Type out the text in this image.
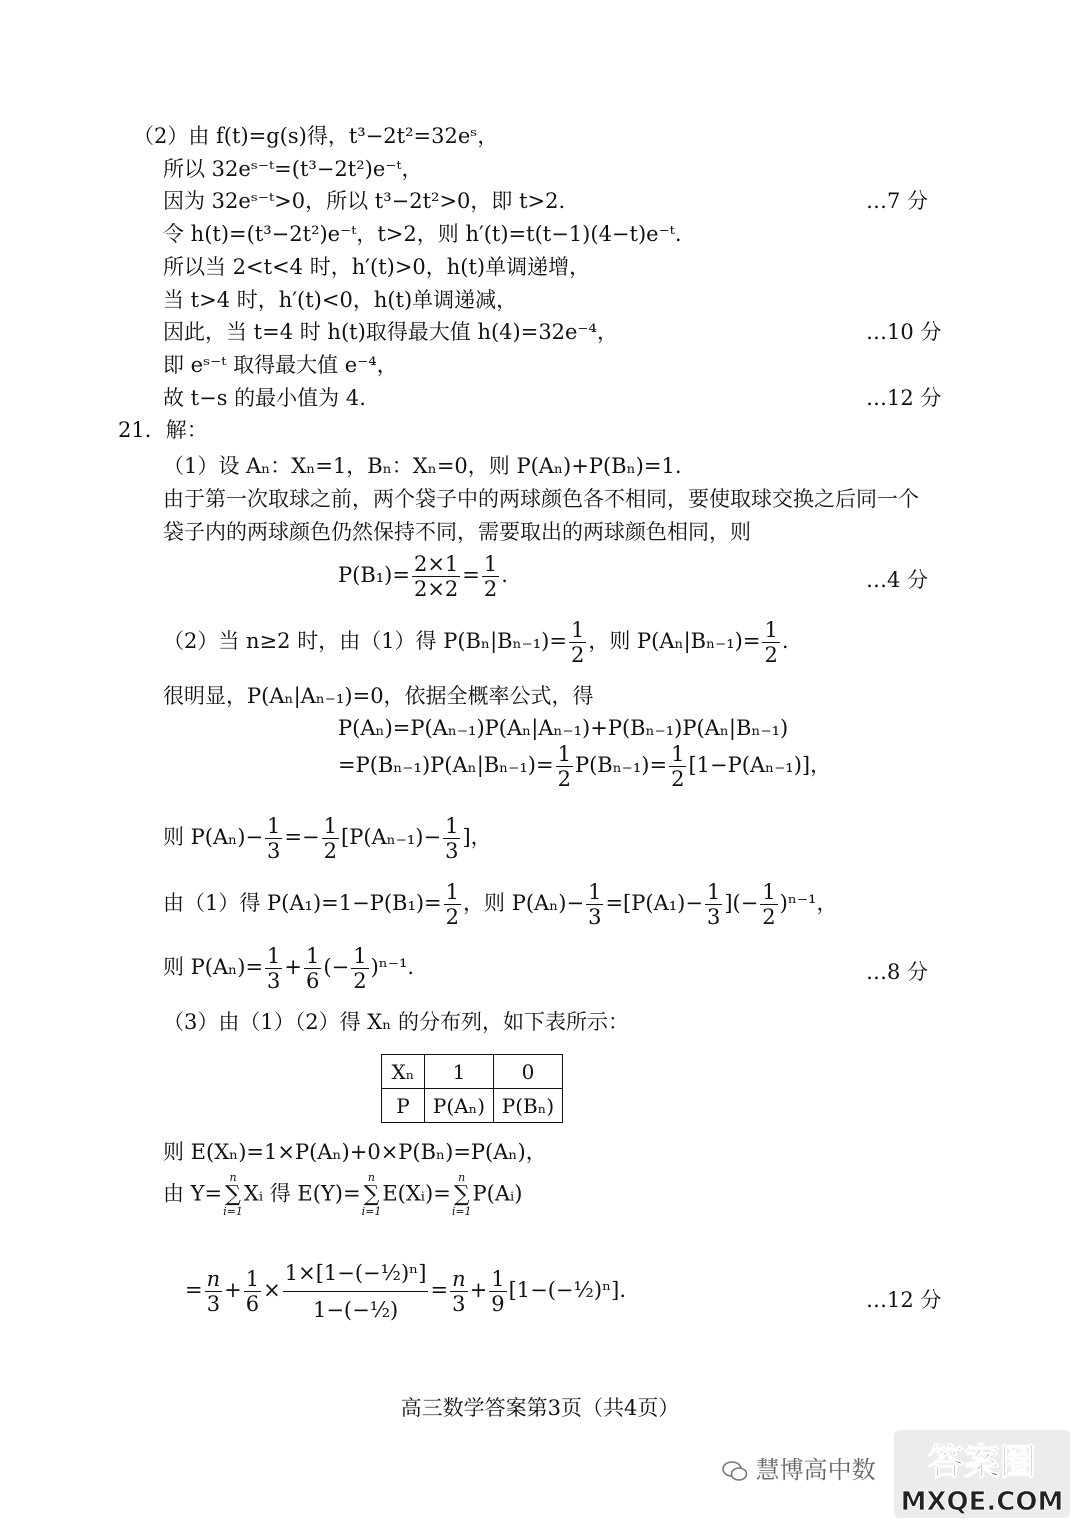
（2）由 f(t)=g(s)得，t³−2t²=32eˢ，
所以 32eˢ⁻ᵗ=(t³−2t²)e⁻ᵗ，
因为 32eˢ⁻ᵗ>0，所以 t³−2t²>0，即 t>2.	…7 分
令 h(t)=(t³−2t²)e⁻ᵗ，t>2，则 h′(t)=t(t−1)(4−t)e⁻ᵗ.
所以当 2<t<4 时，h′(t)>0，h(t)单调递增，
当 t>4 时，h′(t)<0，h(t)单调递减，
因此，当 t=4 时 h(t)取得最大值 h(4)=32e⁻⁴，	…10 分
即 eˢ⁻ᵗ 取得最大值 e⁻⁴，
故 t−s 的最小值为 4.	…12 分
21．解：
（1）设 Aₙ：Xₙ=1，Bₙ：Xₙ=0，则 P(Aₙ)+P(Bₙ)=1.
由于第一次取球之前，两个袋子中的两球颜色各不相同，要使取球交换之后同一个
袋子内的两球颜色仍然保持不同，需要取出的两球颜色相同，则
$P(B_1)= \frac{2\times 1}{2\times 2} = \frac{1}{2}$ .	…4 分
（2）当 n≥2 时，由（1）得 $P(B_n|B_{n-1})= \frac{1}{2}$ ，则 $P(A_n|B_{n-1})= \frac{1}{2}$ .
很明显，P(Aₙ|Aₙ₋₁)=0，依据全概率公式，得
P(Aₙ)=P(Aₙ₋₁)P(Aₙ|Aₙ₋₁)+P(Bₙ₋₁)P(Aₙ|Bₙ₋₁)
$=P(B_{n-1})P(A_n|B_{n-1})= \frac{1}{2} P(B_{n-1})= \frac{1}{2} [1-P(A_{n-1})]$，
则 $P(A_n)- \frac{1}{3} =- \frac{1}{2} [P(A_{n-1})- \frac{1}{3}$ ]，
由（1）得 $P(A_1)=1-P(B_1)= \frac{1}{2}$ ，则 $P(A_n)- \frac{1}{3} =[P(A_1)- \frac{1}{3}$ ](− $\frac{1}{2} )^{n-1}$，
则 $P(A_n)= \frac{1}{3} + \frac{1}{6}$ (− $\frac{1}{2} )^{n-1}$.	…8 分
（3）由（1）（2）得 Xₙ 的分布列，如下表所示：
Xₙ	1	0
P	P(Aₙ)	P(Bₙ)
则 E(Xₙ)=1×P(Aₙ)+0×P(Bₙ)=P(Aₙ)，
由 Y=
n
∑
i=1
Xᵢ 得 E(Y)=
n
∑
i=1
E(Xᵢ)=
n
∑
i=1
P(Aᵢ)
= $\frac{n}{3} + \frac{1}{6} \times \frac{\text{1×[1−(−½)ⁿ]}}{\text{1−(−½)}} = \frac{n}{3} + \frac{1}{9}$ [1−(−½)ⁿ].	…12 分
高三数学答案第3页（共4页）
慧博高中数 答案圈
MXQE.COM
